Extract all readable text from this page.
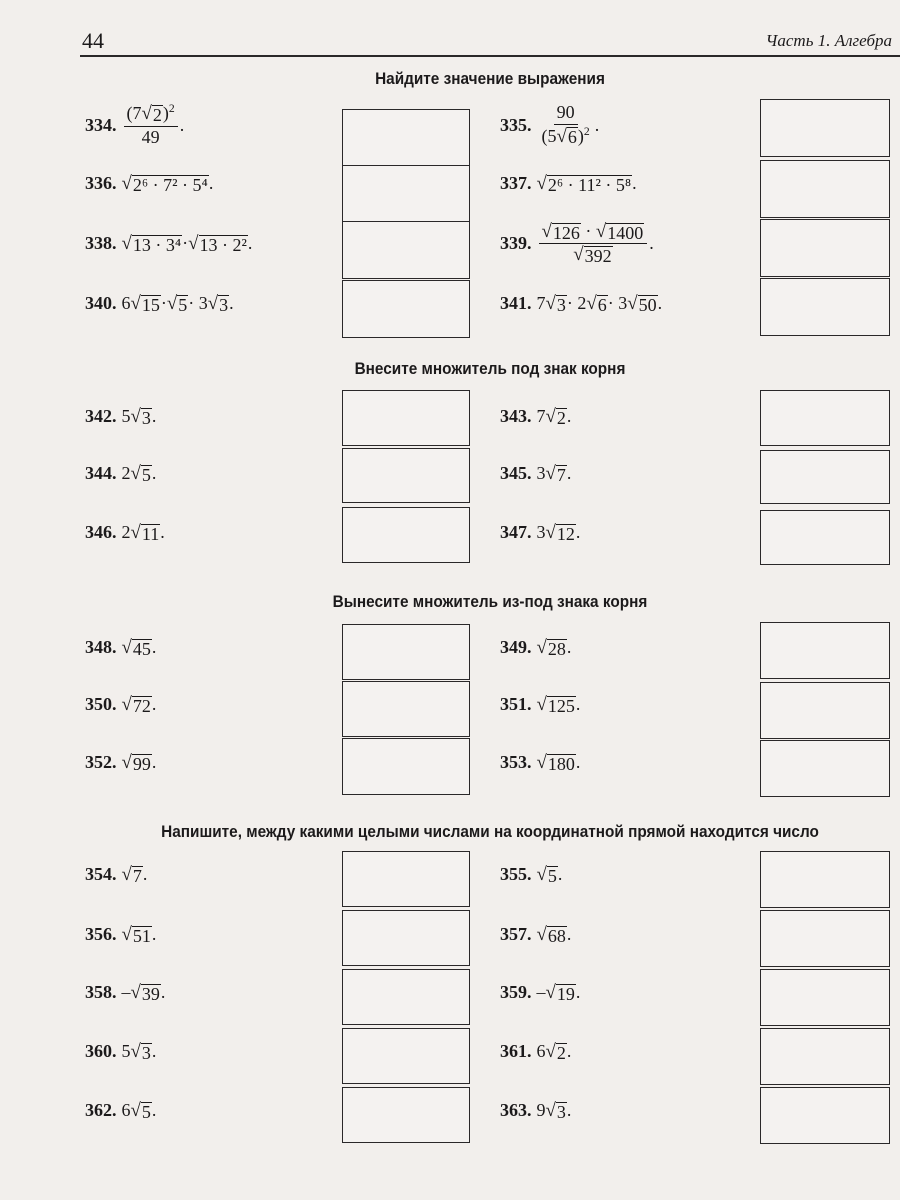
44	Часть 1. Алгебра
Найдите значение выражения
334. $\frac{(7 √ 2 )^2}{49}$ .	335. $\frac{90}{(5 √ 6 )^2}$ .
336. √ 2⁶ · 7² · 5⁴ .	337. √ 2⁶ · 11² · 5⁸ .
338. √ 13 · 3⁴ · √ 13 · 2² .	339. $\frac{√ 126 \cdot √ 1400}{√ 392}$ .
340. 6 √ 15 · √ 5 · 3 √ 3 .	341. 7 √ 3 · 2 √ 6 · 3 √ 50 .
Внесите множитель под знак корня
342. 5 √ 3 .	343. 7 √ 2 .
344. 2 √ 5 .	345. 3 √ 7 .
346. 2 √ 11 .	347. 3 √ 12 .
Вынесите множитель из-под знака корня
348. √ 45 .	349. √ 28 .
350. √ 72 .	351. √ 125 .
352. √ 99 .	353. √ 180 .
Напишите, между какими целыми числами на координатной прямой находится число
354. √ 7 .	355. √ 5 .
356. √ 51 .	357. √ 68 .
358. – √ 39 .	359. – √ 19 .
360. 5 √ 3 .	361. 6 √ 2 .
362. 6 √ 5 .	363. 9 √ 3 .
